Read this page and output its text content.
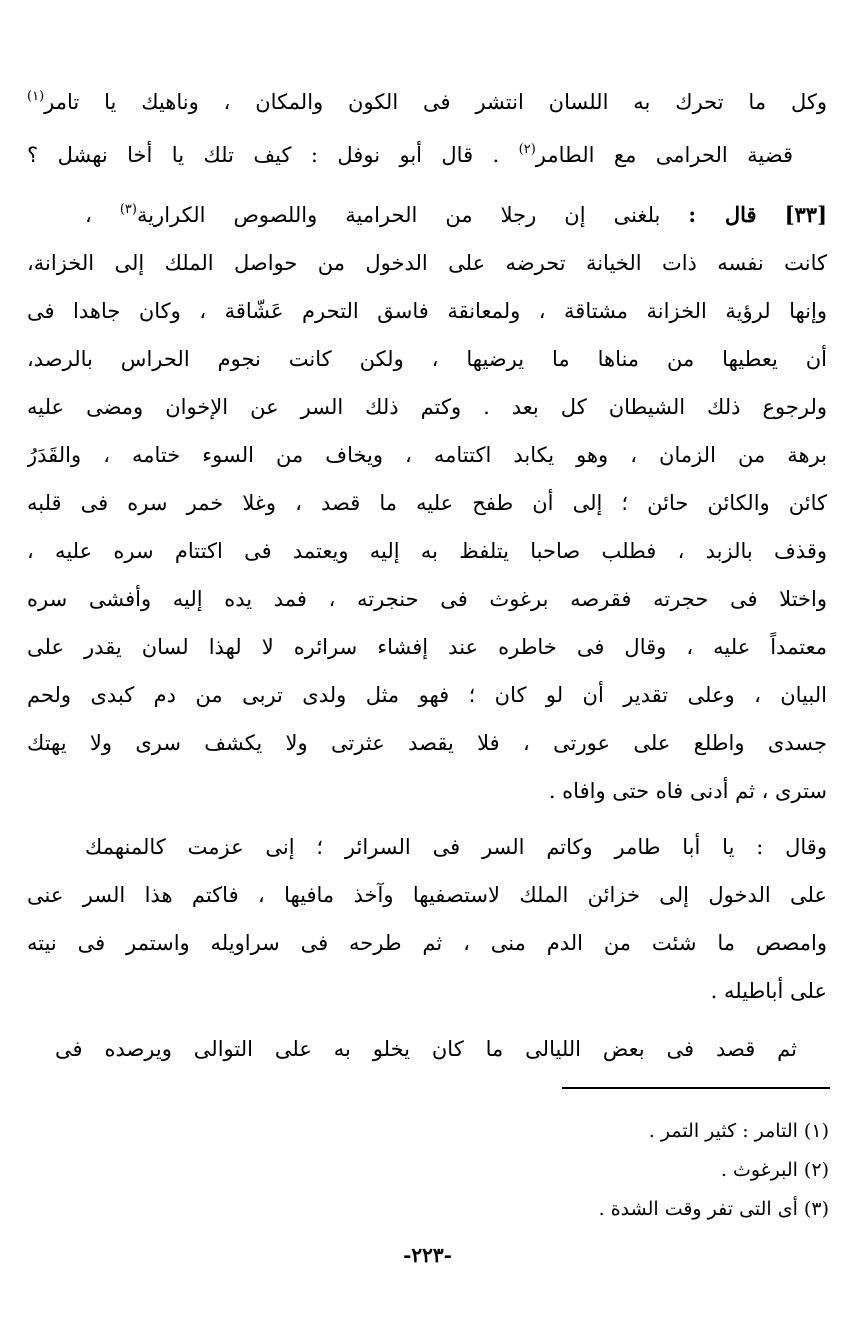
وكل ما تحرك به اللسان انتشر فى الكون والمكان ، وناهيك يا تامر$^{(١)}$
قضية الحرامى مع الطامر$^{(٢)}$ . قال أبو نوفل : كيف تلك يا أخا نهشل ؟
[٣٣] قال : بلغنى إن رجلا من الحرامية واللصوص الكرارية$^{(٣)}$ ،
كانت نفسه ذات الخيانة تحرضه على الدخول من حواصل الملك إلى الخزانة،
وإنها لرؤية الخزانة مشتاقة ، ولمعانقة فاسق التحرم عَشّاقة ، وكان جاهدا فى
أن يعطيها من مناها ما يرضيها ، ولكن كانت نجوم الحراس بالرصد،
ولرجوع ذلك الشيطان كل بعد . وكتم ذلك السر عن الإخوان ومضى عليه
برهة من الزمان ، وهو يكابد اكتتامه ، ويخاف من السوء ختامه ، والقَدَرُ
كائن والكائن حائن ؛ إلى أن طفح عليه ما قصد ، وغلا خمر سره فى قلبه
وقذف بالزبد ، فطلب صاحبا يتلفظ به إليه ويعتمد فى اكتتام سره عليه ،
واختلا فى حجرته فقرصه برغوث فى حنجرته ، فمد يده إليه وأفشى سره
معتمداً عليه ، وقال فى خاطره عند إفشاء سرائره لا لهذا لسان يقدر على
البيان ، وعلى تقدير أن لو كان ؛ فهو مثل ولدى تربى من دم كبدى ولحم
جسدى واطلع على عورتى ، فلا يقصد عثرتى ولا يكشف سرى ولا يهتك
سترى ، ثم أدنى فاه حتى وافاه .
وقال : يا أبا طامر وكاتم السر فى السرائر ؛ إنى عزمت كالمنهمك
على الدخول إلى خزائن الملك لاستصفيها وآخذ مافيها ، فاكتم هذا السر عنى
وامصص ما شئت من الدم منى ، ثم طرحه فى سراويله واستمر فى نيته
على أباطيله .
ثم قصد فى بعض الليالى ما كان يخلو به على التوالى ويرصده فى
(١) التامر : كثير التمر .
(٢) البرغوث .
(٣) أى التى تفر وقت الشدة .
-٢٢٣-
